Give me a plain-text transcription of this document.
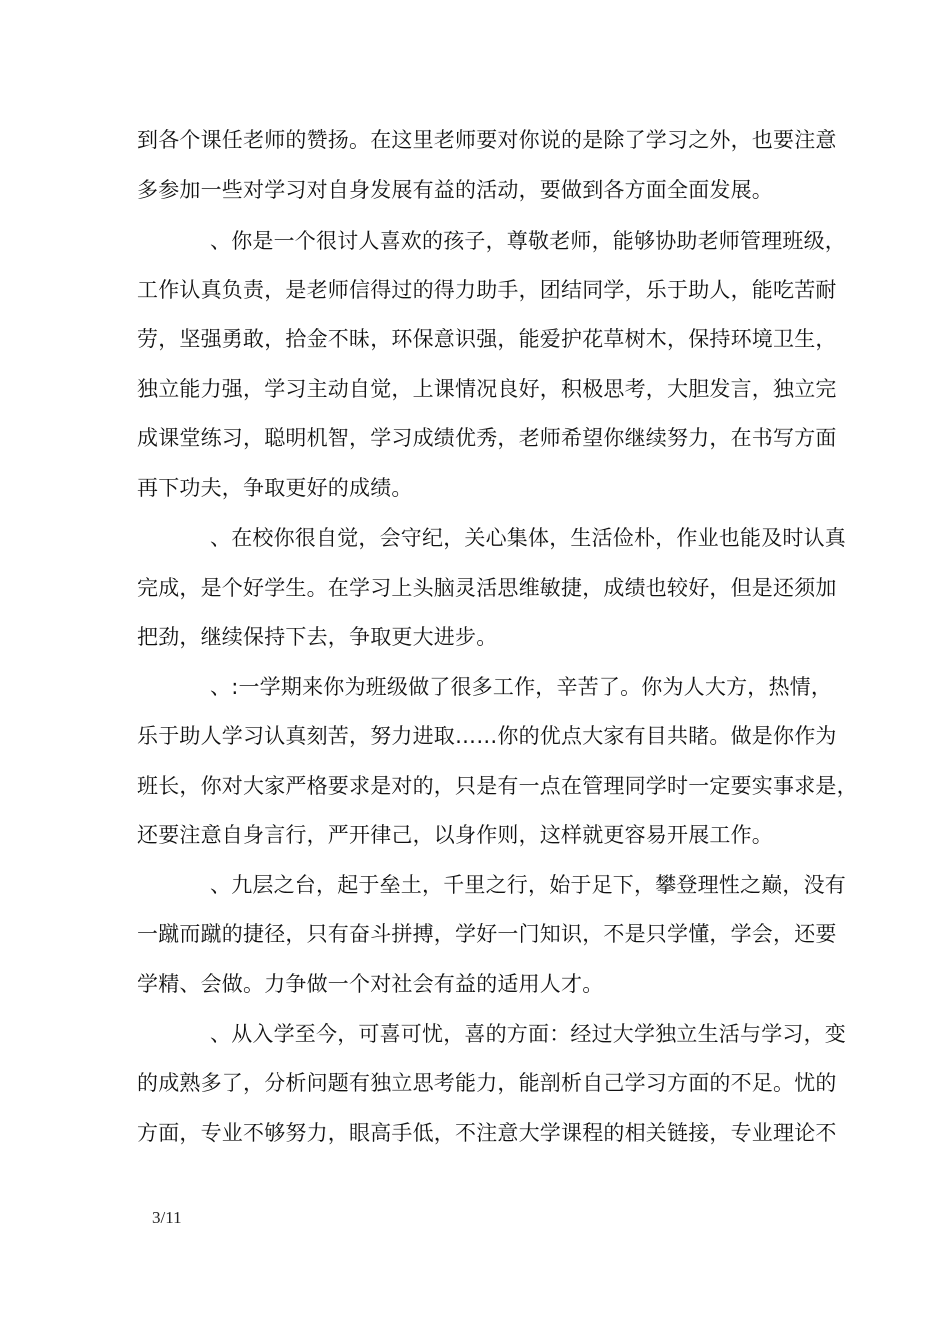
到各个课任老师的赞扬。在这里老师要对你说的是除了学习之外，也要注意
多参加一些对学习对自身发展有益的活动，要做到各方面全面发展。
、你是一个很讨人喜欢的孩子，尊敬老师，能够协助老师管理班级，
工作认真负责，是老师信得过的得力助手，团结同学，乐于助人，能吃苦耐
劳，坚强勇敢，拾金不昧，环保意识强，能爱护花草树木，保持环境卫生，
独立能力强，学习主动自觉，上课情况良好，积极思考，大胆发言，独立完
成课堂练习，聪明机智，学习成绩优秀，老师希望你继续努力，在书写方面
再下功夫，争取更好的成绩。
、在校你很自觉，会守纪，关心集体，生活俭朴，作业也能及时认真
完成，是个好学生。在学习上头脑灵活思维敏捷，成绩也较好，但是还须加
把劲，继续保持下去，争取更大进步。
、:一学期来你为班级做了很多工作，辛苦了。你为人大方，热情，
乐于助人学习认真刻苦，努力进取……你的优点大家有目共睹。做是你作为
班长，你对大家严格要求是对的，只是有一点在管理同学时一定要实事求是，
还要注意自身言行，严开律己，以身作则，这样就更容易开展工作。
、九层之台，起于垒土，千里之行，始于足下，攀登理性之巅，没有
一蹴而蹴的捷径，只有奋斗拼搏，学好一门知识，不是只学懂，学会，还要
学精、会做。力争做一个对社会有益的适用人才。
、从入学至今，可喜可忧，喜的方面：经过大学独立生活与学习，变
的成熟多了，分析问题有独立思考能力，能剖析自己学习方面的不足。忧的
方面，专业不够努力，眼高手低，不注意大学课程的相关链接，专业理论不
3/11
